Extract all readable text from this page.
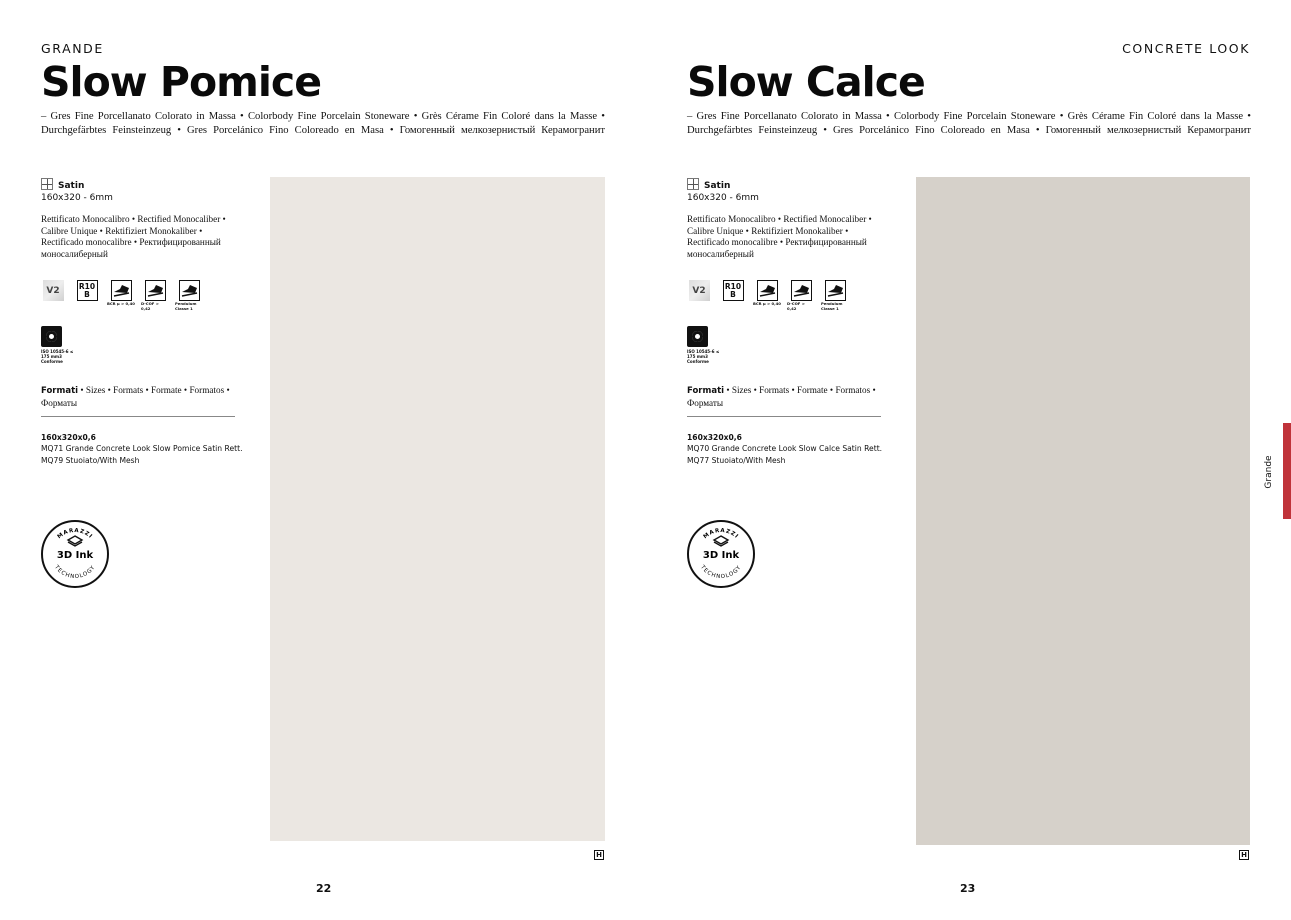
GRANDE
Slow Pomice
– Gres Fine Porcellanato Colorato in Massa • Colorbody Fine Porcelain Stoneware • Grès Cérame Fin Coloré dans la Masse •
Durchgefärbtes Feinsteinzeug • Gres Porcelánico Fino Coloreado en Masa • Гомогенный мелкозернистый Керамогранит
Satin
160x320 - 6mm
Rettificato Monocalibro • Rectified Monocaliber • Calibre Unique • Rektifiziert Monokaliber • Rectificado monocalibre • Ректифицированный моноcалиберный
V2	R10
B
BCR μ > 0,40 D-COF > 0,42
Pendulum Classe 1
ISO 10545-6 ≤ 175 mm3 Conforme
Formati • Sizes • Formats • Formate • Formatos • Форматы
160x320x0,6
MQ71 Grande Concrete Look Slow Pomice Satin Rett.
MQ79 Stuoiato/With Mesh
MARAZZI
3D Ink
TECHNOLOGY
H
22
CONCRETE LOOK
Slow Calce
– Gres Fine Porcellanato Colorato in Massa • Colorbody Fine Porcelain Stoneware • Grès Cérame Fin Coloré dans la Masse •
Durchgefärbtes Feinsteinzeug • Gres Porcelánico Fino Coloreado en Masa • Гомогенный мелкозернистый Керамогранит
Satin
160x320 - 6mm
Rettificato Monocalibro • Rectified Monocaliber • Calibre Unique • Rektifiziert Monokaliber • Rectificado monocalibre • Ректифицированный моноcалиберный
V2	R10
B
BCR μ > 0,40 D-COF > 0,42
Pendulum Classe 1
ISO 10545-6 ≤ 175 mm3 Conforme
Formati • Sizes • Formats • Formate • Formatos • Форматы
160x320x0,6
MQ70 Grande Concrete Look Slow Calce Satin Rett.
MQ77 Stuoiato/With Mesh
MARAZZI
3D Ink
TECHNOLOGY
23
H
Grande
